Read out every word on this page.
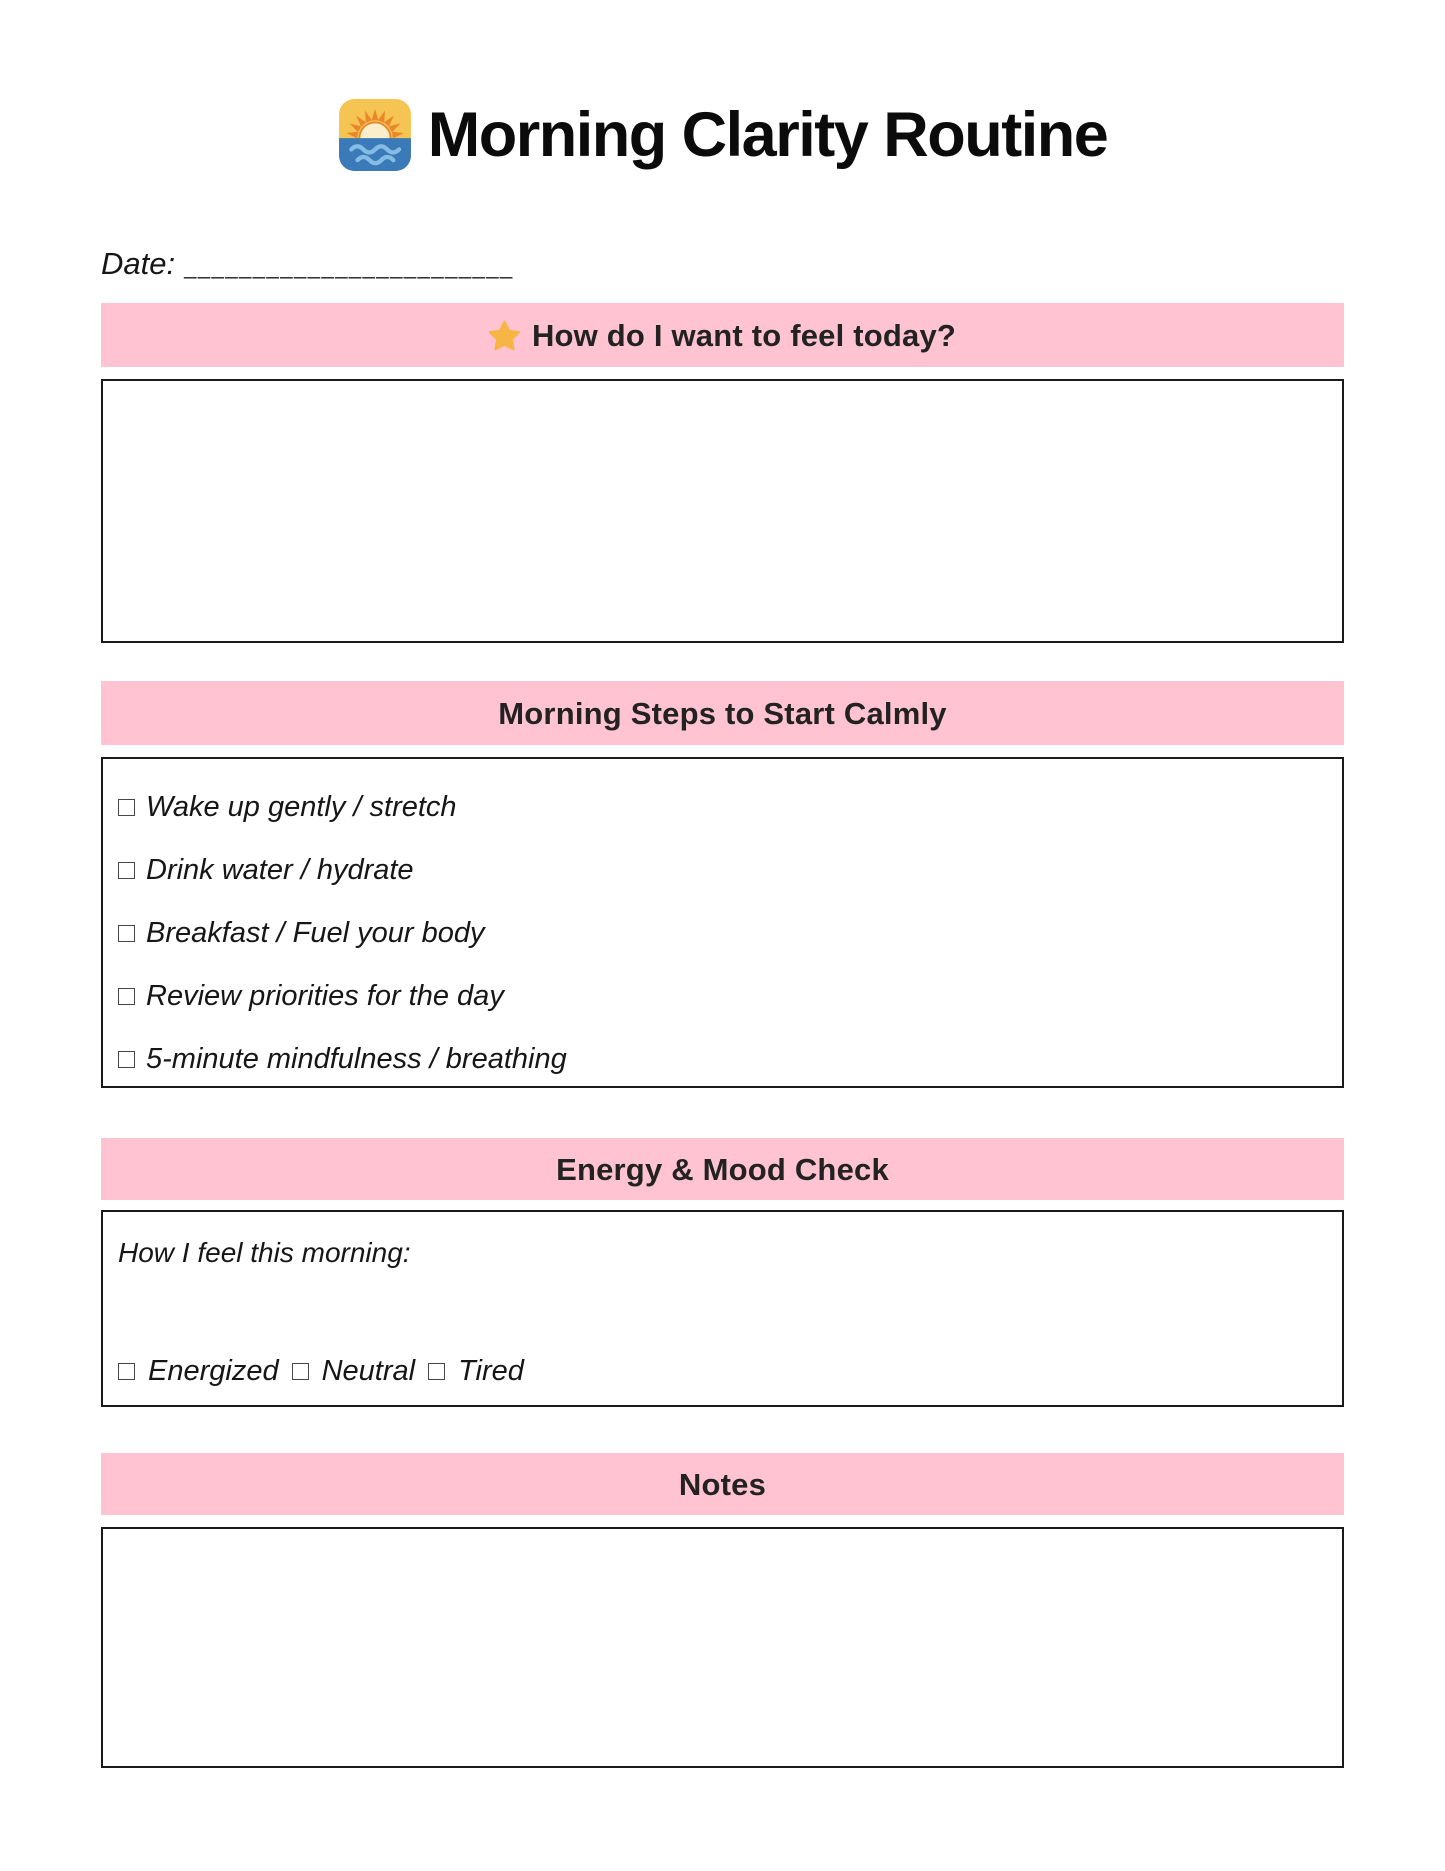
Morning Clarity Routine
Date: ________________________
How do I want to feel today?
Morning Steps to Start Calmly
Wake up gently / stretch
Drink water / hydrate
Breakfast / Fuel your body
Review priorities for the day
5-minute mindfulness / breathing
Energy & Mood Check
How I feel this morning:
Energized Neutral Tired
Notes
